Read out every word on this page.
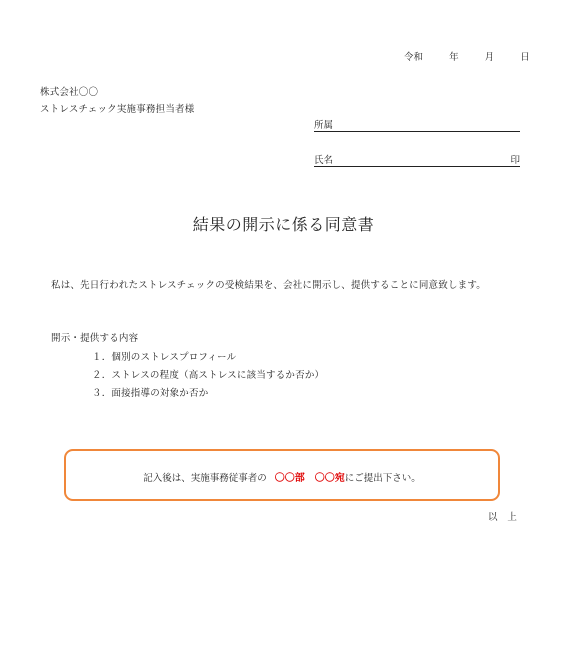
令和	年	月	日
株式会社〇〇
ストレスチェック実施事務担当者様
所属
氏名	印
結果の開示に係る同意書
私は、先日行われたストレスチェックの受検結果を、会社に開示し、提供することに同意致します。
開示・提供する内容
１．個別のストレスプロフィール
２．ストレスの程度（高ストレスに該当するか否か）
３．面接指導の対象か否か
記入後は、実施事務従事者の 〇〇部　〇〇宛にご提出下さい。
以　上
